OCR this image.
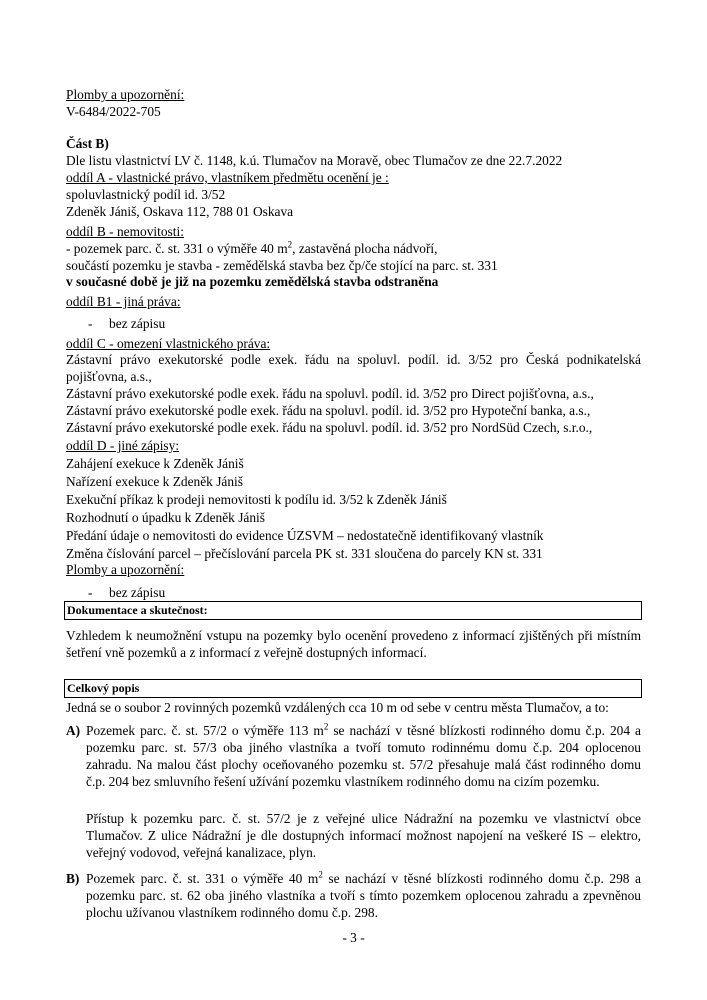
Plomby a upozornění:
V-6484/2022-705
Část B)
Dle listu vlastnictví LV č. 1148, k.ú. Tlumačov na Moravě, obec Tlumačov ze dne 22.7.2022
oddíl A - vlastnické právo, vlastníkem předmětu ocenění je :
spoluvlastnický podíl id. 3/52
Zdeněk Jániš, Oskava 112, 788 01 Oskava
oddíl B - nemovitosti:
- pozemek parc. č. st. 331 o výměře 40 $m^2$, zastavěná plocha nádvoří,
součástí pozemku je stavba - zemědělská stavba bez čp/če stojící na parc. st. 331
v současné době je již na pozemku zemědělská stavba odstraněna
oddíl B1 - jiná práva:
- bez zápisu
oddíl C - omezení vlastnického práva:
Zástavní právo exekutorské podle exek. řádu na spoluvl. podíl. id. 3/52 pro Česká podnikatelská pojišťovna, a.s.,
Zástavní právo exekutorské podle exek. řádu na spoluvl. podíl. id. 3/52 pro Direct pojišťovna, a.s.,
Zástavní právo exekutorské podle exek. řádu na spoluvl. podíl. id. 3/52 pro Hypoteční banka, a.s.,
Zástavní právo exekutorské podle exek. řádu na spoluvl. podíl. id. 3/52 pro NordSüd Czech, s.r.o.,
oddíl D - jiné zápisy:
Zahájení exekuce k Zdeněk Jániš
Nařízení exekuce k Zdeněk Jániš
Exekuční příkaz k prodeji nemovitosti k podílu id. 3/52 k Zdeněk Jániš
Rozhodnutí o úpadku k Zdeněk Jániš
Předání údaje o nemovitosti do evidence ÚZSVM – nedostatečně identifikovaný vlastník
Změna číslování parcel – přečíslování parcela PK st. 331 sloučena do parcely KN st. 331
Plomby a upozornění:
- bez zápisu
Dokumentace a skutečnost:
Vzhledem k neumožnění vstupu na pozemky bylo ocenění provedeno z informací zjištěných při místním šetření vně pozemků a z informací z veřejně dostupných informací.
Celkový popis
Jedná se o soubor 2 rovinných pozemků vzdálených cca 10 m od sebe v centru města Tlumačov, a to:
A) Pozemek parc. č. st. 57/2 o výměře 113 $m^2$ se nachází v těsné blízkosti rodinného domu č.p. 204 a pozemku parc. st. 57/3 oba jiného vlastníka a tvoří tomuto rodinnému domu č.p. 204 oplocenou zahradu. Na malou část plochy oceňovaného pozemku st. 57/2 přesahuje malá část rodinného domu č.p. 204 bez smluvního řešení užívání pozemku vlastníkem rodinného domu na cizím pozemku.
Přístup k pozemku parc. č. st. 57/2 je z veřejné ulice Nádražní na pozemku ve vlastnictví obce Tlumačov. Z ulice Nádražní je dle dostupných informací možnost napojení na veškeré IS – elektro, veřejný vodovod, veřejná kanalizace, plyn.
B) Pozemek parc. č. st. 331 o výměře 40 $m^2$ se nachází v těsné blízkosti rodinného domu č.p. 298 a pozemku parc. st. 62 oba jiného vlastníka a tvoří s tímto pozemkem oplocenou zahradu a zpevněnou plochu užívanou vlastníkem rodinného domu č.p. 298.
- 3 -
